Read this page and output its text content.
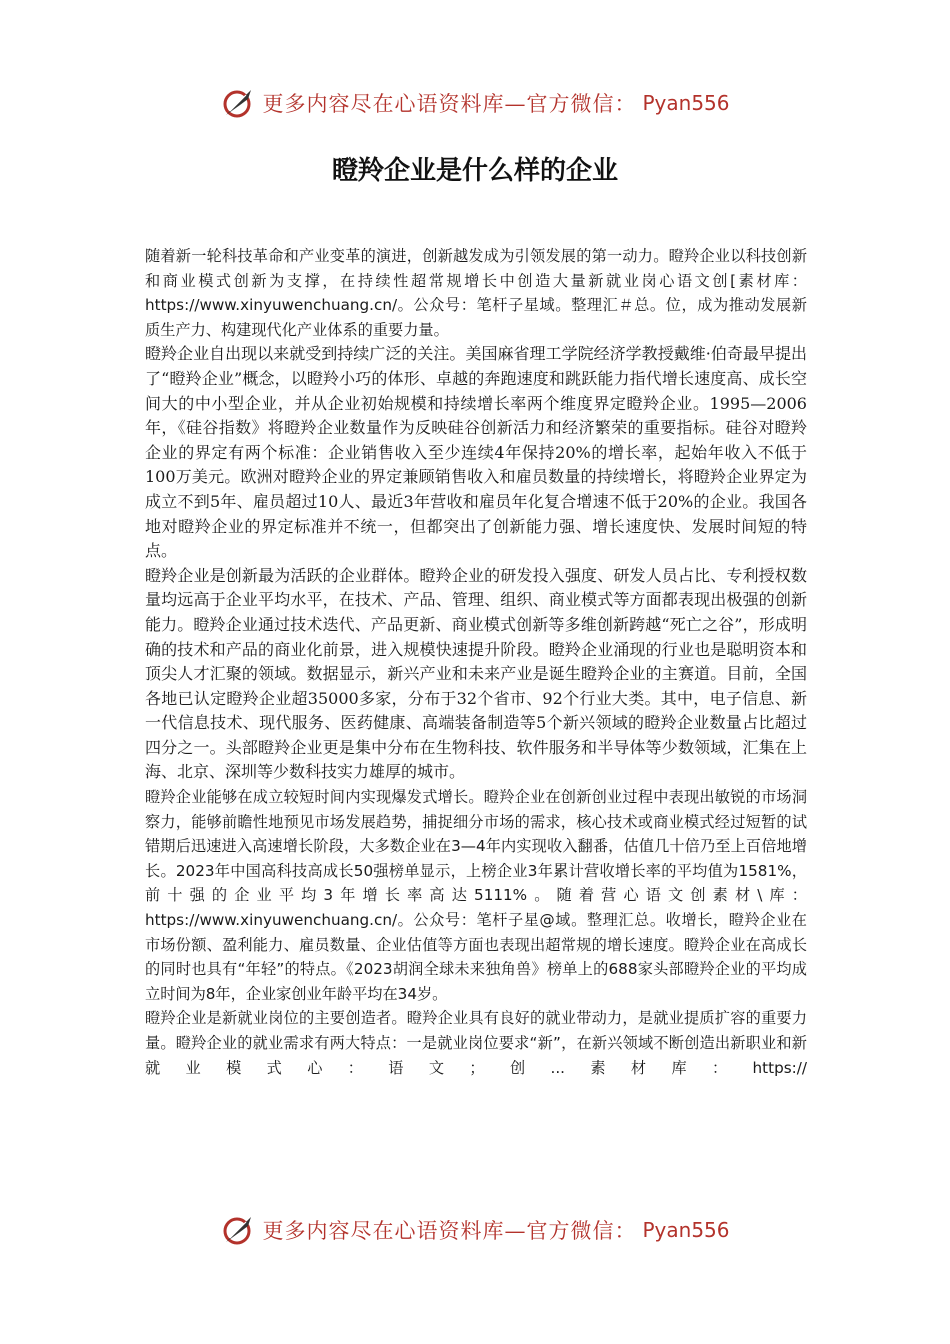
更多内容尽在心语资料库—官方微信： Pyan556
瞪羚企业是什么样的企业

随着新一轮科技革命和产业变革的演进，创新越发成为引领发展的第一动力。瞪羚企业以科技创新和商业模式创新为支撑，在持续性超常规增长中创造大量新就业岗心语文创[素材库：https://www.xinyuwenchuang.cn/。公众号：笔杆子星域。整理汇＃总。位，成为推动发展新质生产力、构建现代化产业体系的重要力量。

瞪羚企业自出现以来就受到持续广泛的关注。美国麻省理工学院经济学教授戴维·伯奇最早提出了“瞪羚企业”概念，以瞪羚小巧的体形、卓越的奔跑速度和跳跃能力指代增长速度高、成长空间大的中小型企业，并从企业初始规模和持续增长率两个维度界定瞪羚企业。1995—2006年，《硅谷指数》将瞪羚企业数量作为反映硅谷创新活力和经济繁荣的重要指标。硅谷对瞪羚企业的界定有两个标准：企业销售收入至少连续4年保持20%的增长率，起始年收入不低于100万美元。欧洲对瞪羚企业的界定兼顾销售收入和雇员数量的持续增长，将瞪羚企业界定为成立不到5年、雇员超过10人、最近3年营收和雇员年化复合增速不低于20%的企业。我国各地对瞪羚企业的界定标准并不统一，但都突出了创新能力强、增长速度快、发展时间短的特点。

瞪羚企业是创新最为活跃的企业群体。瞪羚企业的研发投入强度、研发人员占比、专利授权数量均远高于企业平均水平，在技术、产品、管理、组织、商业模式等方面都表现出极强的创新能力。瞪羚企业通过技术迭代、产品更新、商业模式创新等多维创新跨越“死亡之谷”，形成明确的技术和产品的商业化前景，进入规模快速提升阶段。瞪羚企业涌现的行业也是聪明资本和顶尖人才汇聚的领域。数据显示，新兴产业和未来产业是诞生瞪羚企业的主赛道。目前，全国各地已认定瞪羚企业超35000多家，分布于32个省市、92个行业大类。其中，电子信息、新一代信息技术、现代服务、医药健康、高端装备制造等5个新兴领域的瞪羚企业数量占比超过四分之一。头部瞪羚企业更是集中分布在生物科技、软件服务和半导体等少数领域，汇集在上海、北京、深圳等少数科技实力雄厚的城市。

瞪羚企业能够在成立较短时间内实现爆发式增长。瞪羚企业在创新创业过程中表现出敏锐的市场洞察力，能够前瞻性地预见市场发展趋势，捕捉细分市场的需求，核心技术或商业模式经过短暂的试错期后迅速进入高速增长阶段，大多数企业在3—4年内实现收入翻番，估值几十倍乃至上百倍地增长。2023年中国高科技高成长50强榜单显示，上榜企业3年累计营收增长率的平均值为1581%，前十强的企业平均3年增长率高达5111%。随着营心语文创素材\库：https://www.xinyuwenchuang.cn/。公众号：笔杆子星@域。整理汇总。收增长，瞪羚企业在市场份额、盈利能力、雇员数量、企业估值等方面也表现出超常规的增长速度。瞪羚企业在高成长的同时也具有“年轻”的特点。《2023胡润全球未来独角兽》榜单上的688家头部瞪羚企业的平均成立时间为8年，企业家创业年龄平均在34岁。

瞪羚企业是新就业岗位的主要创造者。瞪羚企业具有良好的就业带动力，是就业提质扩容的重要力量。瞪羚企业的就业需求有两大特点：一是就业岗位要求“新”，在新兴领域不断创造出新职业和新就业模式心：语文；创...素材库：https://

更多内容尽在心语资料库—官方微信： Pyan556
